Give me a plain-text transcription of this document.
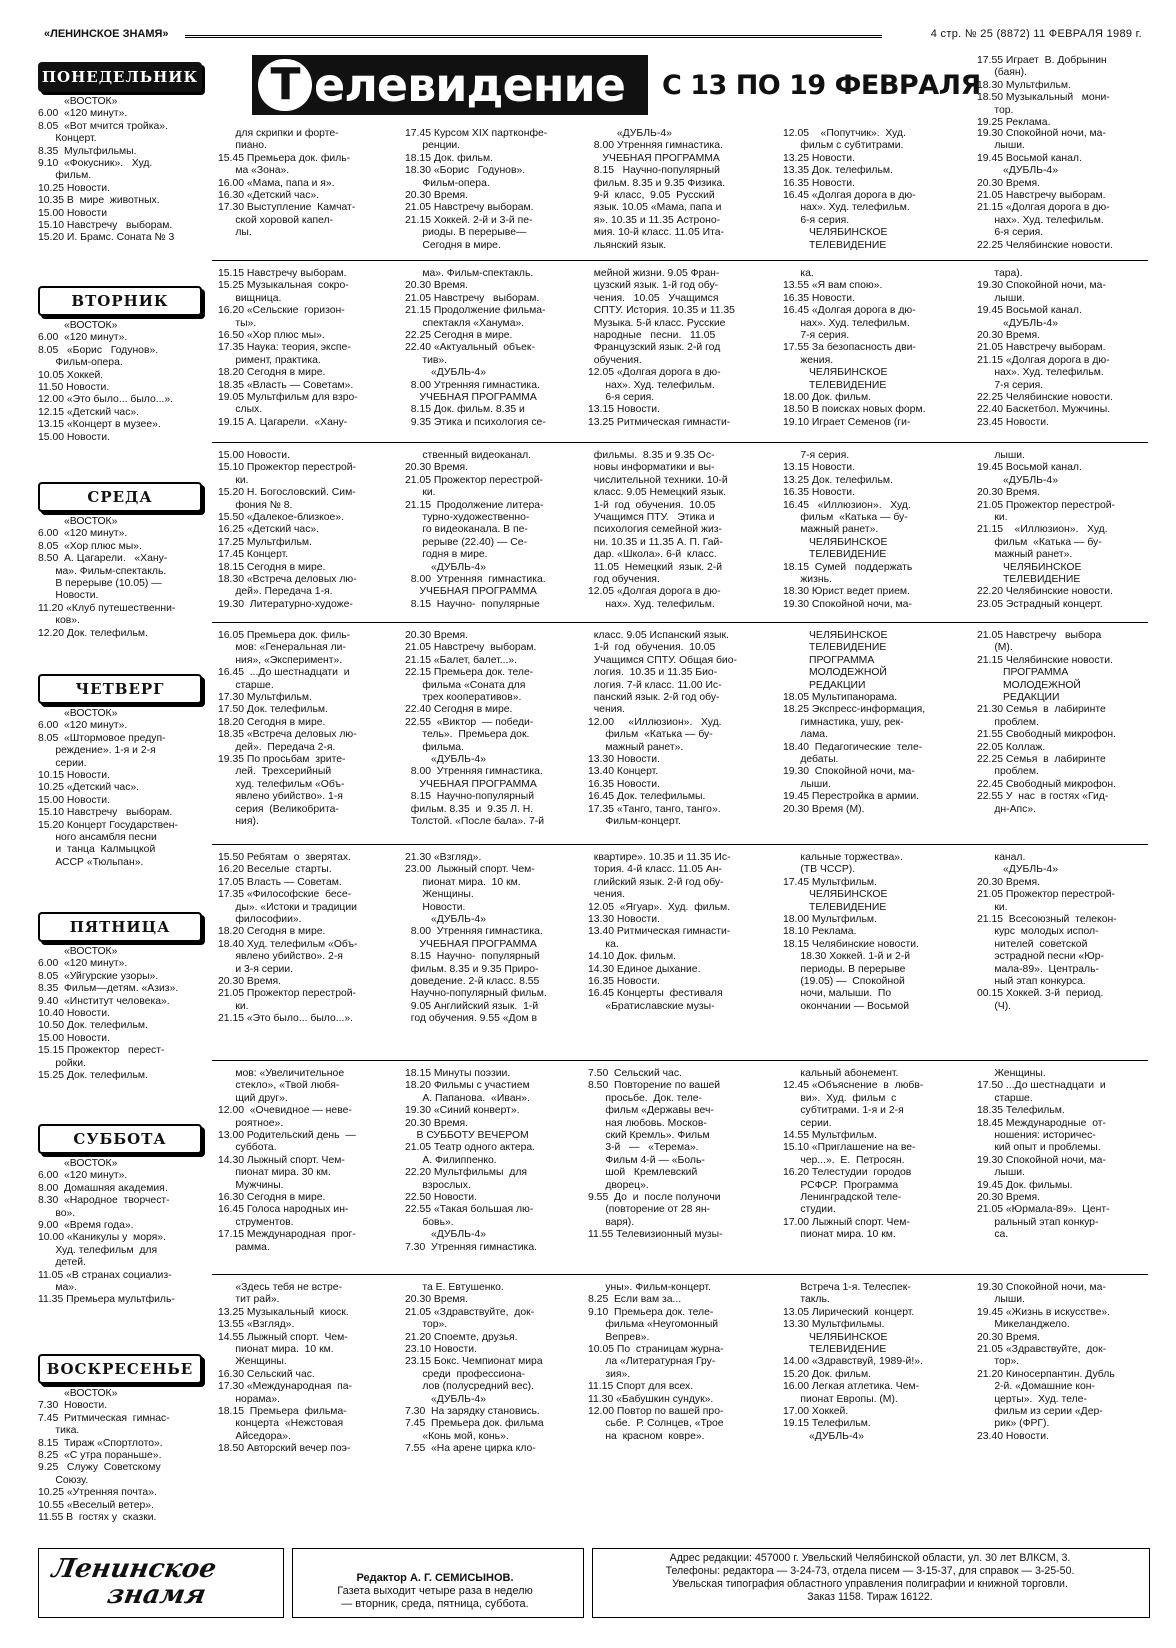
«ЛЕНИНСКОЕ ЗНАМЯ»	4 стр. № 25 (8872) 11 ФЕВРАЛЯ 1989 г.
Т елевидение	С 13 ПО 19 ФЕВРАЛЯ
ПОНЕДЕЛЬНИК
«ВОСТОК»
6.00  «120 минут».
8.05  «Вот мчится тройка».
Концерт.
8.35  Мультфильмы.
9.10  «Фокусник».   Худ.
фильм.
10.25 Новости.
10.35 В  мире  животных.
15.00 Новости
15.10 Навстречу   выборам.
15.20 И. Брамс. Соната № 3
для скрипки и форте-
пиано.
15.45 Премьера док. филь-
ма «Зона».
16.00 «Мама, папа и я».
16.30 «Детский час».
17.30 Выступление  Камчат-
ской хоровой капел-
лы.
17.45 Курсом XIX партконфе-
ренции.
18.15 Док. фильм.
18.30 «Борис   Годунов».
Фильм-опера.
20.30 Время.
21.05 Навстречу выборам.
21.15 Хоккей. 2-й и 3-й пе-
риоды. В перерыве—
Сегодня в мире.
«ДУБЛЬ-4»
8.00 Утренняя гимнастика.
УЧЕБНАЯ ПРОГРАММА
8.15   Научно-популярный
фильм. 8.35 и 9.35 Физика.
9-й  класс,  9.05  Русский
язык. 10.05 «Мама, папа и
я». 10.35 и 11.35 Астроно-
мия. 10-й класс. 11.05 Ита-
льянский язык.
12.05    «Попутчик».  Худ.
фильм с субтитрами.
13.25 Новости.
13.35 Док. телефильм.
16.35 Новости.
16.45 «Долгая дорога в дю-
нах». Худ. телефильм.
6-я серия.
ЧЕЛЯБИНСКОЕ
ТЕЛЕВИДЕНИЕ
19.30 Спокойной ночи, ма-
лыши.
19.45 Восьмой канал.
«ДУБЛЬ-4»
20.30 Время.
21.05 Навстречу выборам.
21.15 «Долгая дорога в дю-
нах». Худ. телефильм.
6-я серия.
22.25 Челябинские новости.
ВТОРНИК
«ВОСТОК»
6.00  «120 минут».
8.05   «Борис   Годунов».
Фильм-опера.
10.05 Хоккей.
11.50 Новости.
12.00 «Это было... было...».
12.15 «Детский час».
13.15 «Концерт в музее».
15.00 Новости.
15.15 Навстречу выборам.
15.25 Музыкальная  сокро-
вищница.
16.20 «Сельские  горизон-
ты».
16.50 «Хор плюс мы».
17.35 Наука: теория, экспе-
римент, практика.
18.20 Сегодня в мире.
18.35 «Власть — Советам».
19.05 Мультфильм для взро-
слых.
19.15 А. Цагарели.  «Хану-
ма». Фильм-спектакль.
20.30 Время.
21.05 Навстречу   выборам.
21.15 Продолжение фильма-
спектакля «Ханума».
22.25 Сегодня в мире.
22.40 «Актуальный  объек-
тив».
«ДУБЛЬ-4»
8.00 Утренняя гимнастика.
УЧЕБНАЯ ПРОГРАММА
8.15 Док. фильм. 8.35 и
9.35 Этика и психология се-
мейной жизни. 9.05 Фран-
цузский язык. 1-й год обу-
чения.   10.05   Учащимся
СПТУ. История. 10.35 и 11.35
Музыка. 5-й класс. Русские
народные   песни.   11.05
Французский язык. 2-й год
обучения.
12.05 «Долгая дорога в дю-
нах». Худ. телефильм.
6-я серия.
13.15 Новости.
13.25 Ритмическая гимнасти-
ка.
13.55 «Я вам спою».
16.35 Новости.
16.45 «Долгая дорога в дю-
нах». Худ. телефильм.
7-я серия.
17.55 За безопасность дви-
жения.
ЧЕЛЯБИНСКОЕ
ТЕЛЕВИДЕНИЕ
18.00 Док. фильм.
18.50 В поисках новых форм.
19.10 Играет Семенов (ги-
тара).
19.30 Спокойной ночи, ма-
лыши.
19.45 Восьмой канал.
«ДУБЛЬ-4»
20.30 Время.
21.05 Навстречу выборам.
21.15 «Долгая дорога в дю-
нах». Худ. телефильм.
7-я серия.
22.25 Челябинские новости.
22.40 Баскетбол. Мужчины.
23.45 Новости.
СРЕДА
«ВОСТОК»
6.00  «120 минут».
8.05  «Хор плюс мы».
8.50  А. Цагарели.   «Хану-
ма». Фильм-спектакль.
В перерыве (10.05) —
Новости.
11.20 «Клуб путешественни-
ков».
12.20 Док. телефильм.
15.00 Новости.
15.10 Прожектор перестрой-
ки.
15.20 Н. Богословский. Сим-
фония № 8.
15.50 «Далекое-близкое».
16.25 «Детский час».
17.25 Мультфильм.
17.45 Концерт.
18.15 Сегодня в мире.
18.30 «Встреча деловых лю-
дей». Передача 1-я.
19.30  Литературно-художе-
ственный видеоканал.
20.30 Время.
21.05 Прожектор перестрой-
ки.
21.15  Продолжение литера-
турно-художественно-
го видеоканала. В пе-
рерыве (22.40) — Се-
годня в мире.
«ДУБЛЬ-4»
8.00  Утренняя  гимнастика.
УЧЕБНАЯ ПРОГРАММА
8.15  Научно-  популярные
фильмы.  8.35 и 9.35 Ос-
новы информатики и вы-
числительной техники. 10-й
класс. 9.05 Немецкий язык.
1-й  год  обучения.  10.05
Учащимся ПТУ.   Этика и
психология семейной жиз-
ни. 10.35 и 11.35 А. П. Гай-
дар. «Школа». 6-й  класс.
11.05  Немецкий  язык. 2-й
год обучения.
12.05 «Долгая дорога в дю-
нах». Худ. телефильм.
7-я серия.
13.15 Новости.
13.25 Док. телефильм.
16.35 Новости.
16.45   «Иллюзион».   Худ.
фильм  «Катька — бу-
мажный ранет».
ЧЕЛЯБИНСКОЕ
ТЕЛЕВИДЕНИЕ
18.15  Сумей   поддержать
жизнь.
18.30 Юрист ведет прием.
19.30 Спокойной ночи, ма-
лыши.
19.45 Восьмой канал.
«ДУБЛЬ-4»
20.30 Время.
21.05 Прожектор перестрой-
ки.
21.15    «Иллюзион».   Худ.
фильм  «Катька — бу-
мажный ранет».
ЧЕЛЯБИНСКОЕ
ТЕЛЕВИДЕНИЕ
22.20 Челябинские новости.
23.05 Эстрадный концерт.
ЧЕТВЕРГ
«ВОСТОК»
6.00  «120 минут».
8.05  «Штормовое предуп-
реждение». 1-я и 2-я
серии.
10.15 Новости.
10.25 «Детский час».
15.00 Новости.
15.10 Навстречу   выборам.
15.20 Концерт Государствен-
ного ансамбля песни
и  танца  Калмыцкой
АССР «Тюльпан».
16.05 Премьера док. филь-
мов: «Генеральная ли-
ния», «Эксперимент».
16.45  ...До шестнадцати  и
старше.
17.30 Мультфильм.
17.50 Док. телефильм.
18.20 Сегодня в мире.
18.35 «Встреча деловых лю-
дей».  Передача 2-я.
19.35 По просьбам  зрите-
лей.  Трехсерийный
худ. телефильм «Объ-
явлено убийство». 1-я
серия  (Великобрита-
ния).
20.30 Время.
21.05 Навстречу  выборам.
21.15 «Балет, балет...».
22.15 Премьера док. теле-
фильма «Соната для
трех кооперативов».
22.40 Сегодня в мире.
22.55  «Виктор  — победи-
тель».  Премьера док.
фильма.
«ДУБЛЬ-4»
8.00  Утренняя гимнастика.
УЧЕБНАЯ ПРОГРАММА
8.15  Научно-популярный
фильм. 8.35  и  9.35 Л. Н.
Толстой. «После бала». 7-й
класс. 9.05 Испанский язык.
1-й  год  обучения.  10.05
Учащимся СПТУ. Общая био-
логия.  10.35 и 11.35 Био-
логия. 7-й класс. 11.00 Ис-
панский язык. 2-й год обу-
чения.
12.00     «Иллюзион».   Худ.
фильм  «Катька — бу-
мажный ранет».
13.30 Новости.
13.40 Концерт.
16.35 Новости.
16.45 Док. телефильмы.
17.35 «Танго, танго, танго».
Фильм-концерт.
ЧЕЛЯБИНСКОЕ
ТЕЛЕВИДЕНИЕ
ПРОГРАММА
МОЛОДЕЖНОЙ
РЕДАКЦИИ
18.05 Мультипанорама.
18.25 Экспресс-информация,
гимнастика, ушу, рек-
лама.
18.40  Педагогические  теле-
дебаты.
19.30  Спокойной ночи, ма-
лыши.
19.45 Перестройка в армии.
20.30 Время (М).
21.05 Навстречу   выбора
(М).
21.15 Челябинские новости.
ПРОГРАММА
МОЛОДЕЖНОЙ
РЕДАКЦИИ
21.30 Семья  в  лабиринте
проблем.
21.55 Свободный микрофон.
22.05 Коллаж.
22.25 Семья  в  лабиринте
проблем.
22.45 Свободный микрофон.
22.55 У  нас  в гостях «Гид-
дн-Апс».
ПЯТНИЦА
«ВОСТОК»
6.00  «120 минут».
8.05  «Уйгурские узоры».
8.35  Фильм—детям. «Азиз».
9.40  «Институт человека».
10.40 Новости.
10.50 Док. телефильм.
15.00 Новости.
15.15 Прожектор   перест-
ройки.
15.25 Док. телефильм.
15.50 Ребятам  о  зверятах.
16.20 Веселые  старты.
17.05 Власть — Советам.
17.35 «Философские  бесе-
ды». «Истоки и традиции
философии».
18.20 Сегодня в мире.
18.40 Худ. телефильм «Объ-
явлено убийство». 2-я
и 3-я серии.
20.30 Время.
21.05 Прожектор перестрой-
ки.
21.15 «Это было... было...».
21.30 «Взгляд».
23.00  Лыжный спорт. Чем-
пионат мира.  10 км.
Женщины.
Новости.
«ДУБЛЬ-4»
8.00  Утренняя гимнастика.
УЧЕБНАЯ ПРОГРАММА
8.15  Научно-  популярный
фильм. 8.35 и 9.35 Приро-
доведение. 2-й класс. 8.55
Научно-популярный фильм.
9.05 Английский язык.  1-й
год обучения. 9.55 «Дом в
квартире». 10.35 и 11.35 Ис-
тория. 4-й класс. 11.05 Ан-
глийский язык. 2-й год обу-
чения.
12.05  «Ягуар».  Худ.  фильм.
13.30 Новости.
13.40 Ритмическая гимнасти-
ка.
14.10 Док. фильм.
14.30 Единое дыхание.
16.35 Новости.
16.45 Концерты  фестиваля
«Братиславские музы-
кальные торжества».
(ТВ ЧССР).
17.45 Мультфильм.
ЧЕЛЯБИНСКОЕ
ТЕЛЕВИДЕНИЕ
18.00 Мультфильм.
18.10 Реклама.
18.15 Челябинские новости.
18.30 Хоккей. 1-й и 2-й
периоды. В перерыве
(19.05) —  Спокойной
ночи, малыши.  По
окончании — Восьмой
канал.
«ДУБЛЬ-4»
20.30 Время.
21.05 Прожектор перестрой-
ки.
21.15  Всесоюзный  телекон-
курс  молодых испол-
нителей  советской
эстрадной песни «Юр-
мала-89».  Централь-
ный этап конкурса.
00.15 Хоккей. 3-й  период.
(Ч).
СУББОТА
«ВОСТОК»
6.00  «120 минут».
8.00  Домашняя академия.
8.30  «Народное  творчест-
во».
9.00  «Время года».
10.00 «Каникулы у  моря».
Худ. телефильм  для
детей.
11.05 «В странах социализ-
ма».
11.35 Премьера мультфиль-
мов: «Увеличительное
стекло», «Твой любя-
щий друг».
12.00  «Очевидное — неве-
роятное».
13.00 Родительский день  —
суббота.
14.30 Лыжный спорт. Чем-
пионат мира. 30 км.
Мужчины.
16.30 Сегодня в мире.
16.45 Голоса народных ин-
струментов.
17.15 Международная  прог-
рамма.
18.15 Минуты поэзии.
18.20 Фильмы с участием
А. Папанова.  «Иван».
19.30 «Синий конверт».
20.30 Время.
В СУББОТУ ВЕЧЕРОМ
21.05 Театр одного актера.
А. Филиппенко.
22.20 Мультфильмы  для
взрослых.
22.50 Новости.
22.55 «Такая большая лю-
бовь».
«ДУБЛЬ-4»
7.30  Утренняя гимнастика.
7.50  Сельский час.
8.50  Повторение по вашей
просьбе.  Док. теле-
фильм «Державы веч-
ная любовь. Москов-
ский Кремль». Фильм
3-й   —   «Терема».
Фильм 4-й — «Боль-
шой   Кремлевский
дворец».
9.55  До  и  после полуночи
(повторение от 28 ян-
варя).
11.55 Телевизионный музы-
кальный абонемент.
12.45 «Объяснение  в  любв-
ви».  Худ.  фильм  с
субтитрами. 1-я и 2-я
серии.
14.55 Мультфильм.
15.10 «Приглашение на ве-
чер...».  Е.  Петросян.
16.20 Телестудии  городов
РСФСР.  Программа
Ленинградской теле-
студии.
17.00 Лыжный спорт. Чем-
пионат мира. 10 км.
Женщины.
17.50 ...До шестнадцати  и
старше.
18.35 Телефильм.
18.45 Международные  от-
ношения: историчес-
кий опыт и проблемы.
19.30 Спокойной ночи, ма-
лыши.
19.45 Док. фильмы.
20.30 Время.
21.05 «Юрмала-89».  Цент-
ральный этап конкур-
са.
ВОСКРЕСЕНЬЕ
«ВОСТОК»
7.30  Новости.
7.45  Ритмическая  гимнас-
тика.
8.15  Тираж «Спортлото».
8.25  «С утра пораньше».
9.25   Служу  Советскому
Союзу.
10.25 «Утренняя почта».
10.55 «Веселый ветер».
11.55 В  гостях у  сказки.
«Здесь тебя не встре-
тит рай».
13.25 Музыкальный  киоск.
13.55 «Взгляд».
14.55 Лыжный спорт.  Чем-
пионат мира.  10 км.
Женщины.
16.30 Сельский час.
17.30 «Международная  па-
норама».
18.15  Премьера  фильма-
концерта  «Нежстовая
Айседора».
18.50 Авторский вечер поэ-
та Е. Евтушенко.
20.30 Время.
21.05 «Здравствуйте,  док-
тор».
21.20 Споемте, друзья.
23.10 Новости.
23.15 Бокс. Чемпионат мира
среди  профессиона-
лов (полусредний вес).
«ДУБЛЬ-4»
7.30  На зарядку становись.
7.45  Премьера док. фильма
«Конь мой, конь».
7.55  «На арене цирка кло-
уны». Фильм-концерт.
8.25  Если вам за...
9.10  Премьера док. теле-
фильма «Неугомонный
Вепрев».
10.05 По  страницам журна-
ла «Литературная Гру-
зия».
11.15 Спорт для всех.
11.30 «Бабушкин сундук».
12.00 Повтор по вашей про-
сьбе.  Р. Солнцев, «Трое
на  красном  ковре».
Встреча 1-я. Телеспек-
такль.
13.05 Лирический  концерт.
13.30 Мультфильмы.
ЧЕЛЯБИНСКОЕ
ТЕЛЕВИДЕНИЕ
14.00 «Здравствуй, 1989-й!».
15.20 Док. фильм.
16.00 Легкая атлетика. Чем-
пионат Европы. (М).
17.00 Хоккей.
19.15 Телефильм.
«ДУБЛЬ-4»
19.30 Спокойной ночи, ма-
лыши.
19.45 «Жизнь в искусстве».
Микеланджело.
20.30 Время.
21.05 «Здравствуйте,  док-
тор».
21.20 Киносерпантин. Дубль
2-й. «Домашние кон-
церты».  Худ. теле-
фильм из серии «Дер-
рик» (ФРГ).
23.40 Новости.
17.55 Играет  В. Добрынин
(баян).
18.30 Мультфильм.
18.50 Музыкальный   мони-
тор.
19.25 Реклама.
Ленинское
знамя
Редактор А. Г. СЕМИСЫНОВ.
Газета выходит четыре раза в неделю
— вторник, среда, пятница, суббота.
Адрес редакции: 457000 г. Увельский Челябинской области, ул. 30 лет ВЛКСМ, 3.
Телефоны: редактора — 3-24-73, отдела писем — 3-15-37, для справок — 3-25-50.
Увельская типография областного управления полиграфии и книжной торговли.
Заказ 1158. Тираж 16122.
